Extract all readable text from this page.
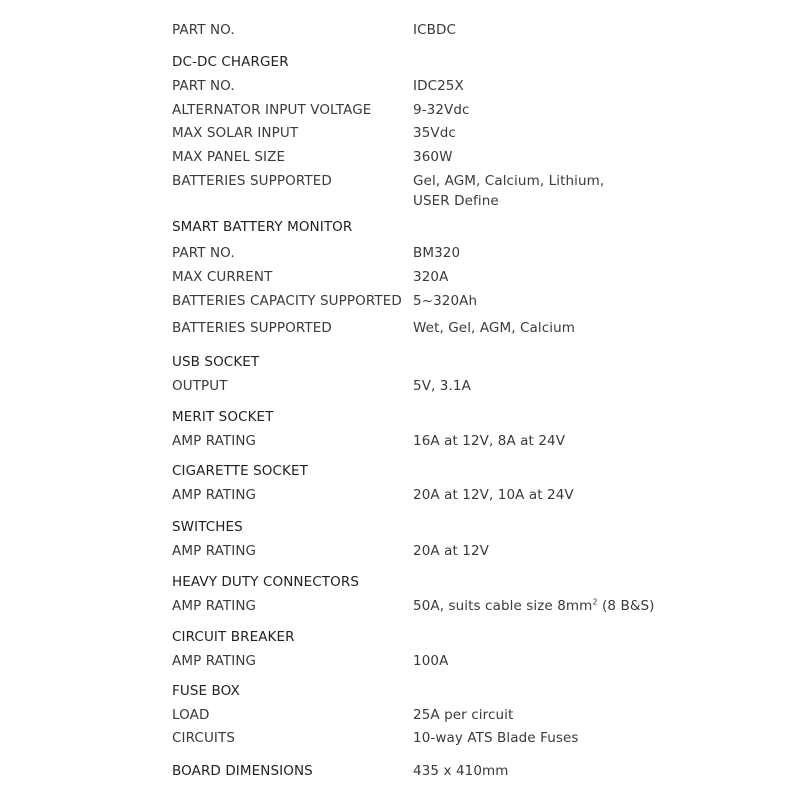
PART NO.	ICBDC
DC-DC CHARGER
PART NO.	IDC25X
ALTERNATOR INPUT VOLTAGE	9-32Vdc
MAX SOLAR INPUT	35Vdc
MAX PANEL SIZE	360W
BATTERIES SUPPORTED	Gel, AGM, Calcium, Lithium,
USER Define
SMART BATTERY MONITOR
PART NO.	BM320
MAX CURRENT	320A
BATTERIES CAPACITY SUPPORTED 5~320Ah
BATTERIES SUPPORTED	Wet, Gel, AGM, Calcium
USB SOCKET
OUTPUT	5V, 3.1A
MERIT SOCKET
AMP RATING	16A at 12V, 8A at 24V
CIGARETTE SOCKET
AMP RATING	20A at 12V, 10A at 24V
SWITCHES
AMP RATING	20A at 12V
HEAVY DUTY CONNECTORS
AMP RATING	50A, suits cable size $8mm^2$ (8 B&S)
CIRCUIT BREAKER
AMP RATING	100A
FUSE BOX
LOAD	25A per circuit
CIRCUITS	10-way ATS Blade Fuses
BOARD DIMENSIONS	435 x 410mm
